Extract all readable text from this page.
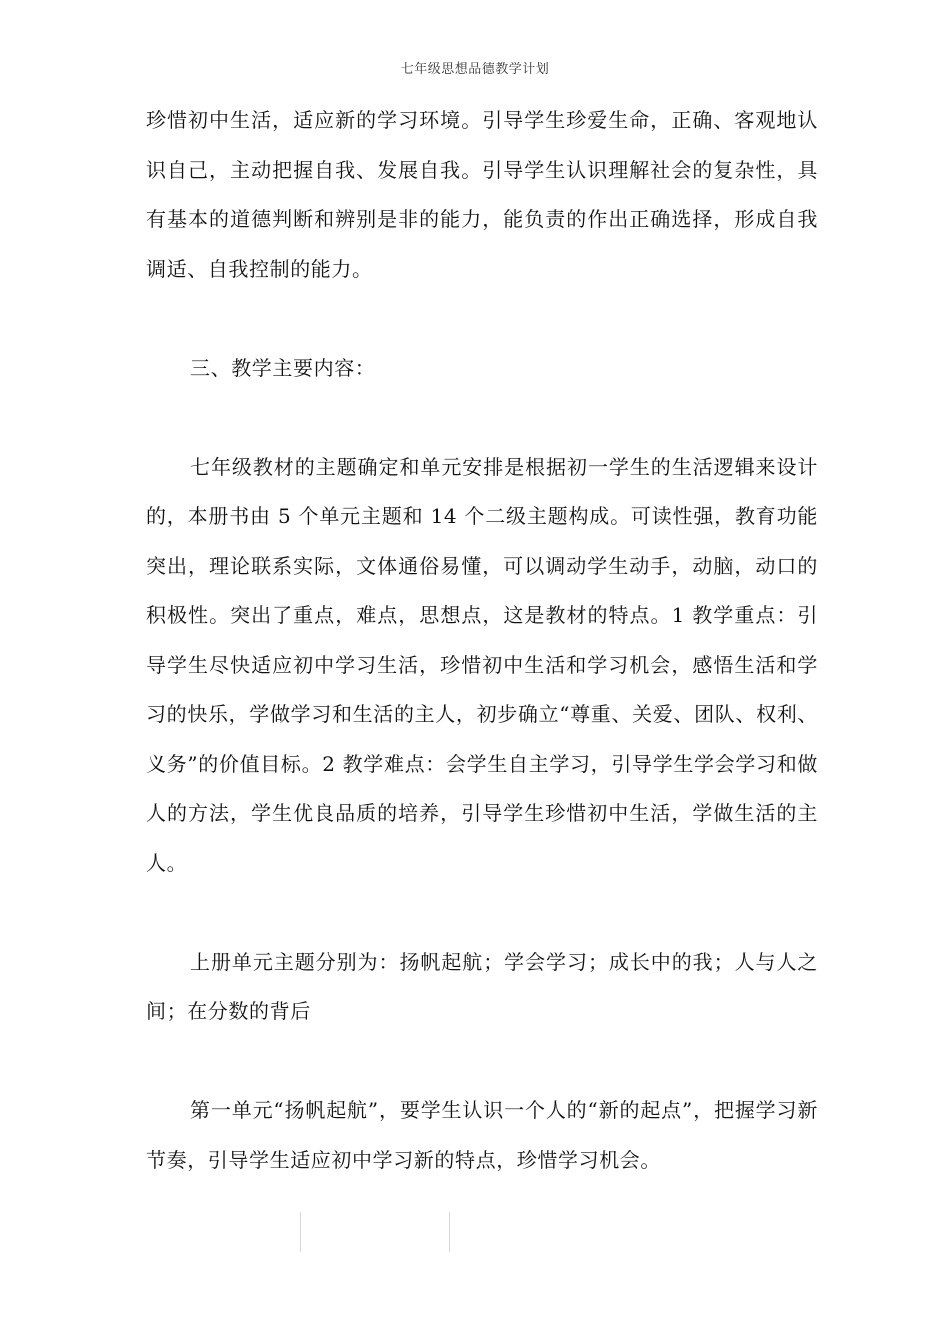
七年级思想品德教学计划

珍惜初中生活，适应新的学习环境。引导学生珍爱生命，正确、客观地认识自己，主动把握自我、发展自我。引导学生认识理解社会的复杂性，具有基本的道德判断和辨别是非的能力，能负责的作出正确选择，形成自我调适、自我控制的能力。

三、教学主要内容：

七年级教材的主题确定和单元安排是根据初一学生的生活逻辑来设计的，本册书由 5 个单元主题和 14 个二级主题构成。可读性强，教育功能突出，理论联系实际，文体通俗易懂，可以调动学生动手，动脑，动口的积极性。突出了重点，难点，思想点，这是教材的特点。1 教学重点：引导学生尽快适应初中学习生活，珍惜初中生活和学习机会，感悟生活和学习的快乐，学做学习和生活的主人，初步确立“尊重、关爱、团队、权利、义务”的价值目标。2 教学难点：会学生自主学习，引导学生学会学习和做人的方法，学生优良品质的培养，引导学生珍惜初中生活，学做生活的主人。

上册单元主题分别为：扬帆起航；学会学习；成长中的我；人与人之间；在分数的背后

第一单元“扬帆起航”，要学生认识一个人的“新的起点”，把握学习新节奏，引导学生适应初中学习新的特点，珍惜学习机会。
